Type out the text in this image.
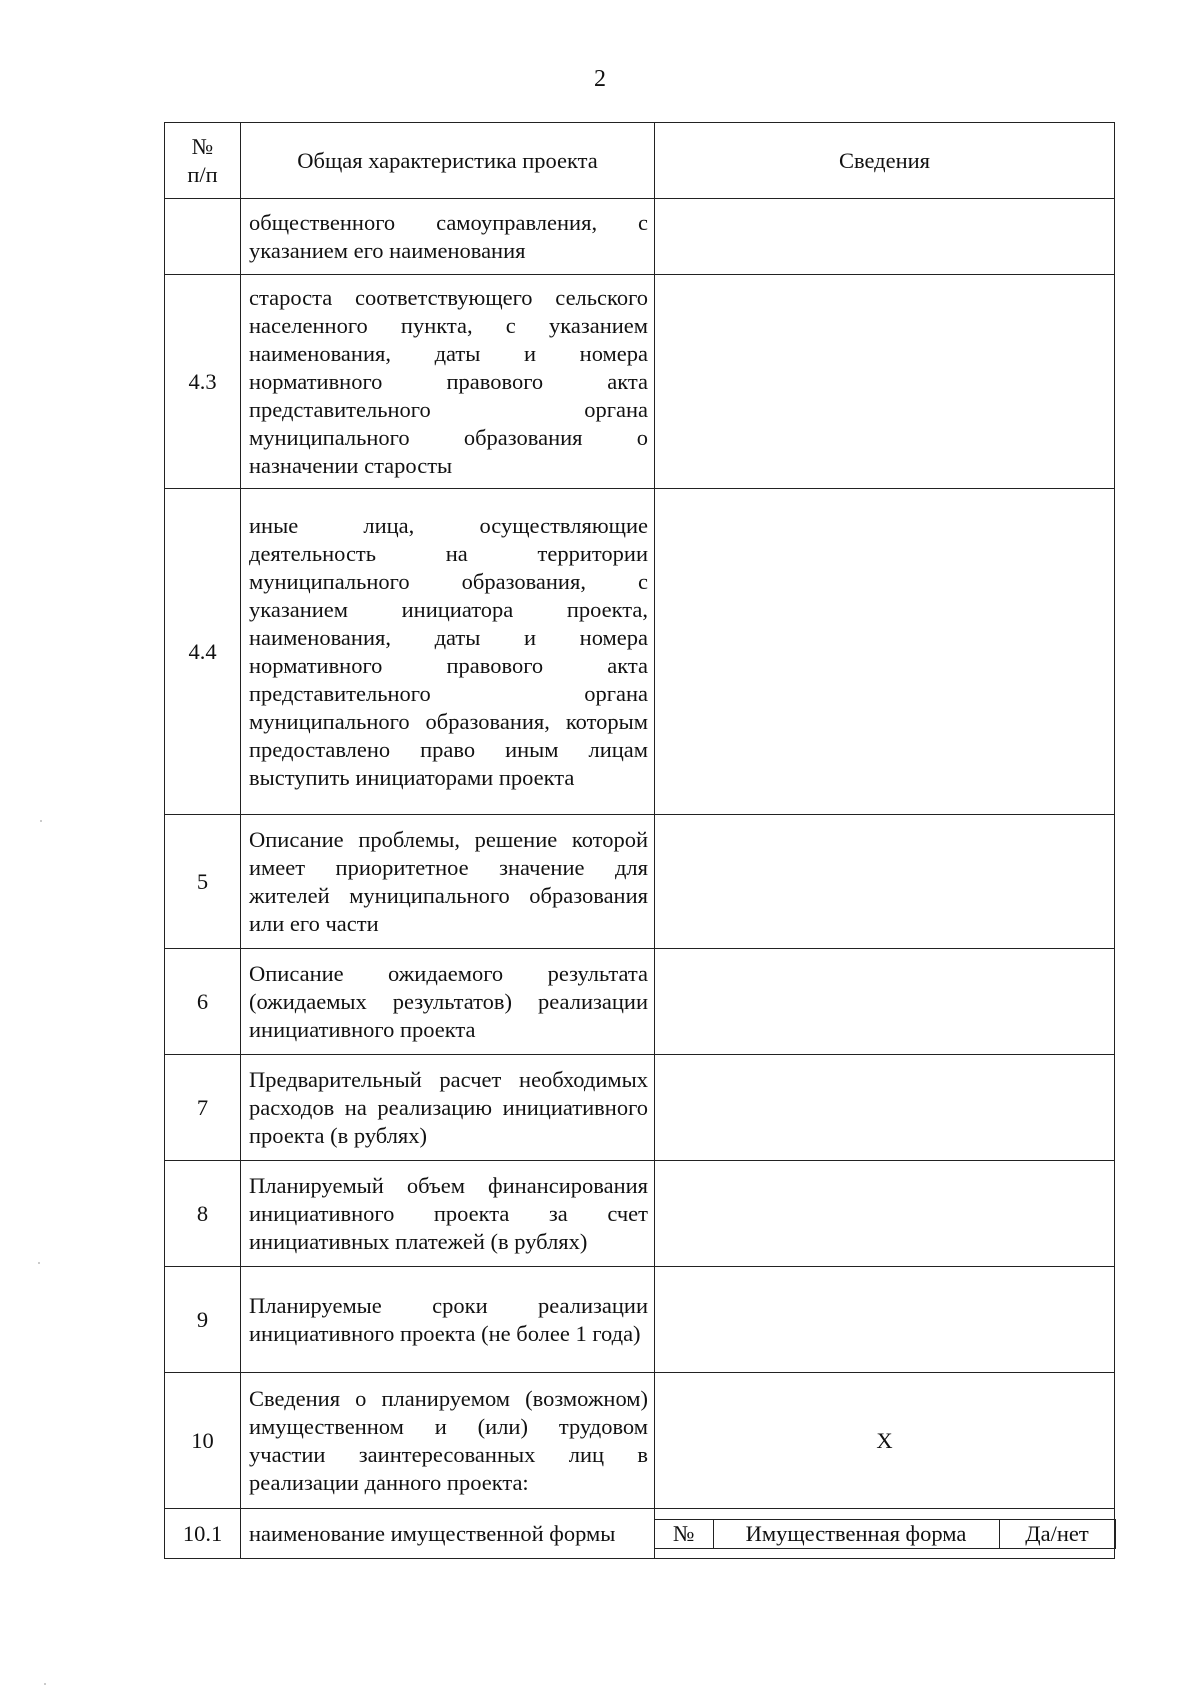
2
№
п/п
	Общая характеристика проекта	Сведения
	общественного самоуправления, с указанием его наименования	
4.3	староста соответствующего сельского населенного пункта, с указанием наименования, даты и номера нормативного правового акта представительного органа муниципального образования о назначении старосты	
4.4	иные лица, осуществляющие деятельность на территории муниципального образования, с указанием инициатора проекта, наименования, даты и номера нормативного правового акта представительного органа муниципального образования, которым предоставлено право иным лицам выступить инициаторами проекта	
5	Описание проблемы, решение которой имеет приоритетное значение для жителей муниципального образования или его части	
6	Описание ожидаемого результата (ожидаемых результатов) реализации инициативного проекта	
7	Предварительный расчет необходимых расходов на реализацию инициативного проекта (в рублях)	
8	Планируемый объем финансирования инициативного проекта за счет инициативных платежей (в рублях)	
9	Планируемые сроки реализации инициативного проекта (не более 1 года)	
10	Сведения о планируемом (возможном) имущественном и (или) трудовом участии заинтересованных лиц в реализации данного проекта:	X
10.1	наименование имущественной формы		№	Имущественная форма	Да/нет
